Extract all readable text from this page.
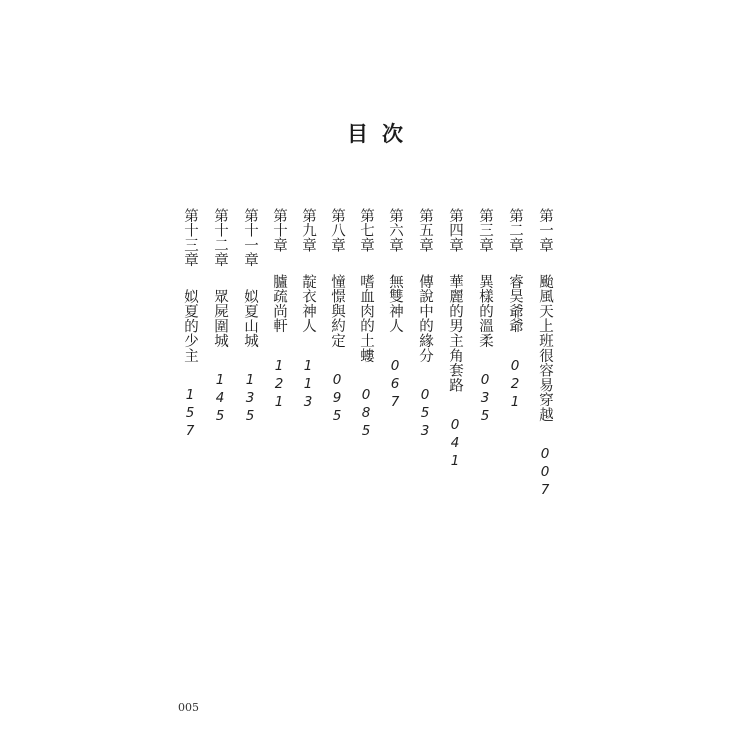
目次
第一章
颱風天上班很容易穿越
007
第二章
睿昊爺爺
021
第三章
異樣的溫柔
035
第四章
華麗的男主角套路
041
第五章
傳說中的緣分
053
第六章
無雙神人
067
第七章
嗜血肉的土螻
085
第八章
憧憬與約定
095
第九章
靛衣神人
113
第十章
臚疏尚軒
121
第十一章
姒夏山城
135
第十二章
眾屍圍城
145
第十三章
姒夏的少主
157
005
